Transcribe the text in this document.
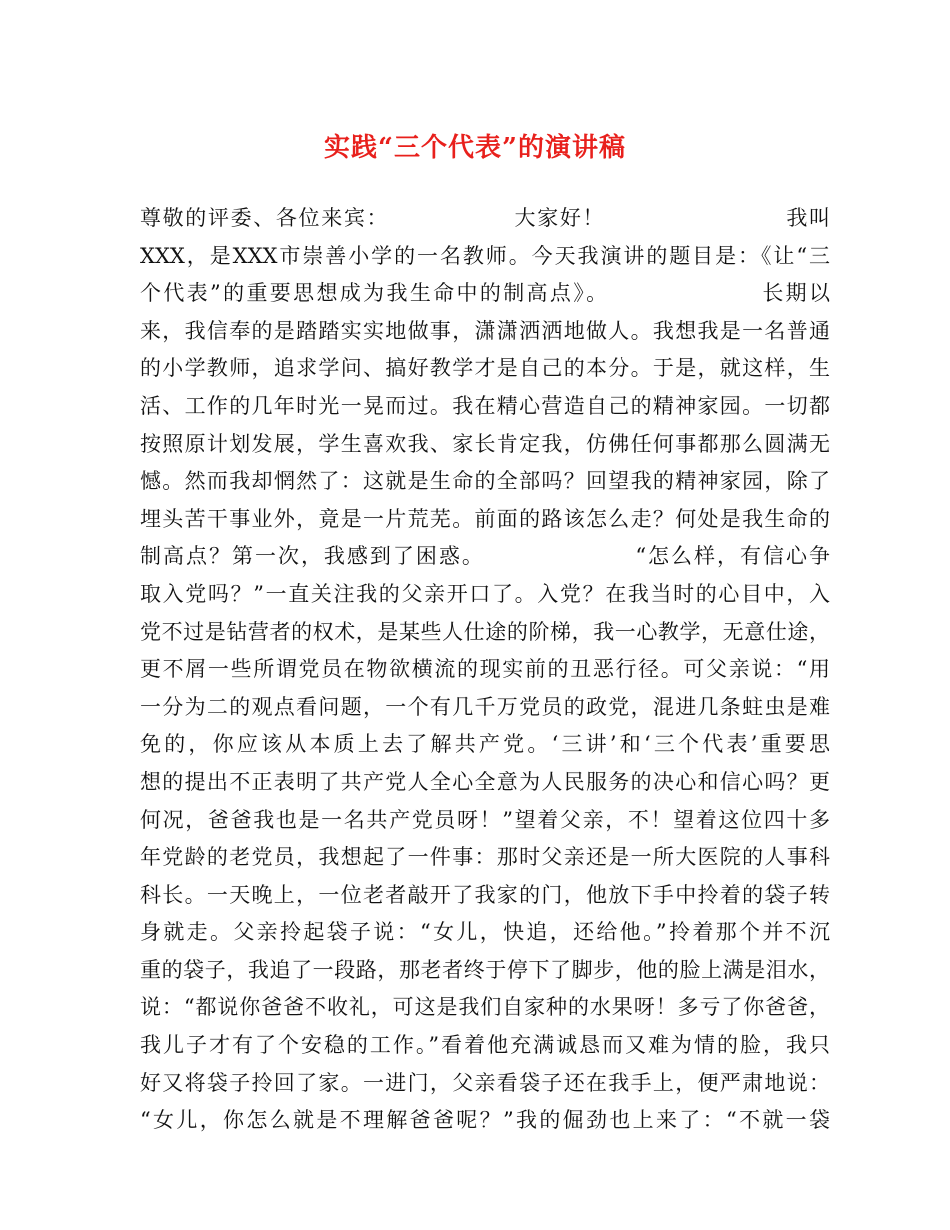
实践“三个代表”的演讲稿
尊敬的评委、各位来宾：　　　　　　大家好！　　　　　　　　我叫
XXX，是XXX市崇善小学的一名教师。今天我演讲的题目是：《让“三
个代表”的重要思想成为我生命中的制高点》。　　　　　　　长期以
来，我信奉的是踏踏实实地做事，潇潇洒洒地做人。我想我是一名普通
的小学教师，追求学问、搞好教学才是自己的本分。于是，就这样，生
活、工作的几年时光一晃而过。我在精心营造自己的精神家园。一切都
按照原计划发展，学生喜欢我、家长肯定我，仿佛任何事都那么圆满无
憾。然而我却惘然了：这就是生命的全部吗？回望我的精神家园，除了
埋头苦干事业外，竟是一片荒芜。前面的路该怎么走？何处是我生命的
制高点？第一次，我感到了困惑。　　　　　　　“怎么样，有信心争
取入党吗？”一直关注我的父亲开口了。入党？在我当时的心目中，入
党不过是钻营者的权术，是某些人仕途的阶梯，我一心教学，无意仕途，
更不屑一些所谓党员在物欲横流的现实前的丑恶行径。可父亲说：“用
一分为二的观点看问题，一个有几千万党员的政党，混进几条蛀虫是难
免的，你应该从本质上去了解共产党。‘三讲’和‘三个代表’重要思
想的提出不正表明了共产党人全心全意为人民服务的决心和信心吗？更
何况，爸爸我也是一名共产党员呀！”望着父亲，不！望着这位四十多
年党龄的老党员，我想起了一件事：那时父亲还是一所大医院的人事科
科长。一天晚上，一位老者敲开了我家的门，他放下手中拎着的袋子转
身就走。父亲拎起袋子说：“女儿，快追，还给他。”拎着那个并不沉
重的袋子，我追了一段路，那老者终于停下了脚步，他的脸上满是泪水，
说：“都说你爸爸不收礼，可这是我们自家种的水果呀！多亏了你爸爸，
我儿子才有了个安稳的工作。”看着他充满诚恳而又难为情的脸，我只
好又将袋子拎回了家。一进门，父亲看袋子还在我手上，便严肃地说：
“女儿，你怎么就是不理解爸爸呢？”我的倔劲也上来了：“不就一袋
